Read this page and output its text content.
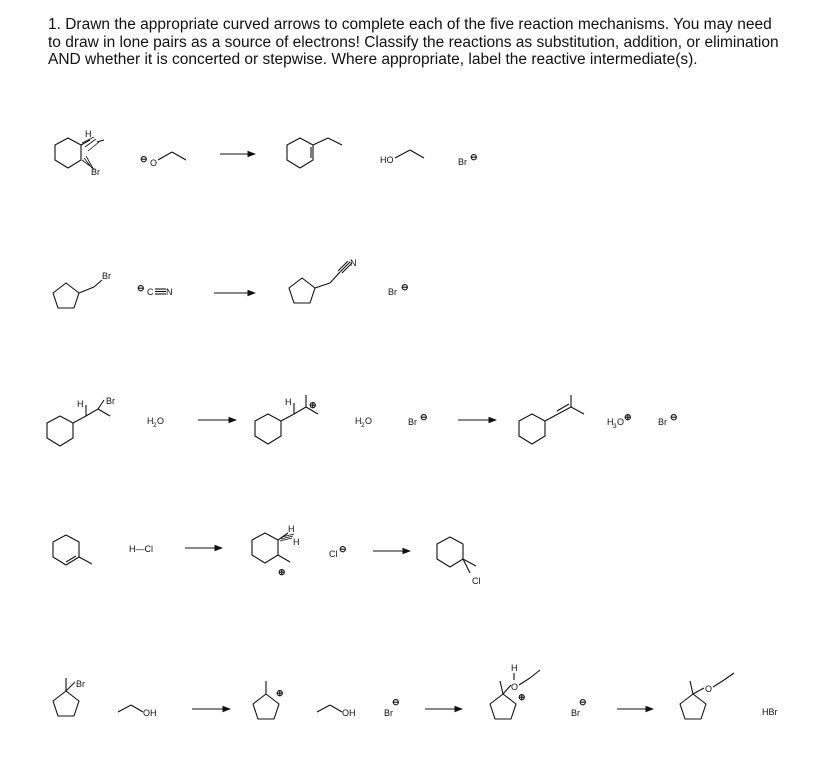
1. Drawn the appropriate curved arrows to complete each of the five reaction mechanisms. You may need to draw in lone pairs as a source of electrons! Classify the reactions as substitution, addition, or elimination AND whether it is concerted or stepwise. Where appropriate, label the reactive intermediate(s).

H
Br
⊖ O	HO	Br ⊖
Br
⊖ C N
N
Br ⊖
H	Br
H 2 O
H ⊕
H 2 O	Br ⊖	H 3 O ⊕	Br ⊖
H—Cl
H
H
⊕
Cl ⊖
Cl
Br
OH
⊕
OH	Br
⊖
O
H
⊕
Br
⊖
O
HBr
